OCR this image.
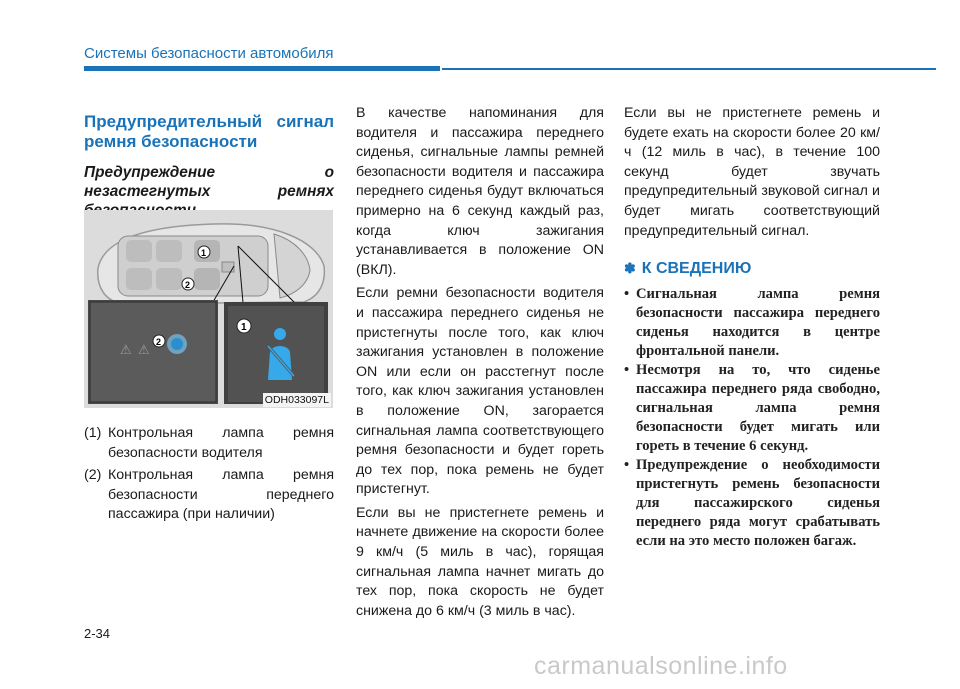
Системы безопасности автомобиля
Предупредительный сигнал ремня безопасности
Предупреждение о незастегнутых ремнях
1
2
⚠ ⚠
2
1
ODH033097L
(1) Контрольная лампа ремня безопасности водителя
(2) Контрольная лампа ремня безопасности переднего пассажира (при наличии)

В качестве напоминания для водителя и пассажира переднего сиденья, сигнальные лампы ремней безопасности водителя и пассажира переднего сиденья будут включаться примерно на 6 секунд каждый раз, когда ключ зажигания устанавливается в положение ON (ВКЛ).

Если ремни безопасности водителя и пассажира переднего сиденья не пристегнуты после того, как ключ зажигания установлен в положение ON или если он расстегнут после того, как ключ зажигания установлен в положение ON, загорается сигнальная лампа соответствующего ремня безопасности и будет гореть до тех пор, пока ремень не будет пристегнут.

Если вы не пристегнете ремень и начнете движение на скорости более 9 км/ч (5 миль в час), горящая сигнальная лампа начнет мигать до тех пор, пока скорость не будет снижена до 6 км/ч (3 миль в час).

Если вы не пристегнете ремень и будете ехать на скорости более 20 км/ч (12 миль в час), в течение 100 секунд будет звучать предупредительный звуковой сигнал и будет мигать соответствующий предупредительный сигнал.

✽ К СВЕДЕНИЮ
• Сигнальная лампа ремня безопасности пассажира переднего сиденья находится в центре фронтальной панели.
• Несмотря на то, что сиденье пассажира переднего ряда свободно, сигнальная лампа ремня безопасности будет мигать или гореть в течение 6 секунд.
• Предупреждение о необходимости пристегнуть ремень безопасности для пассажирского сиденья переднего ряда могут срабатывать если на это место положен багаж.
2-34
carmanualsonline.info
